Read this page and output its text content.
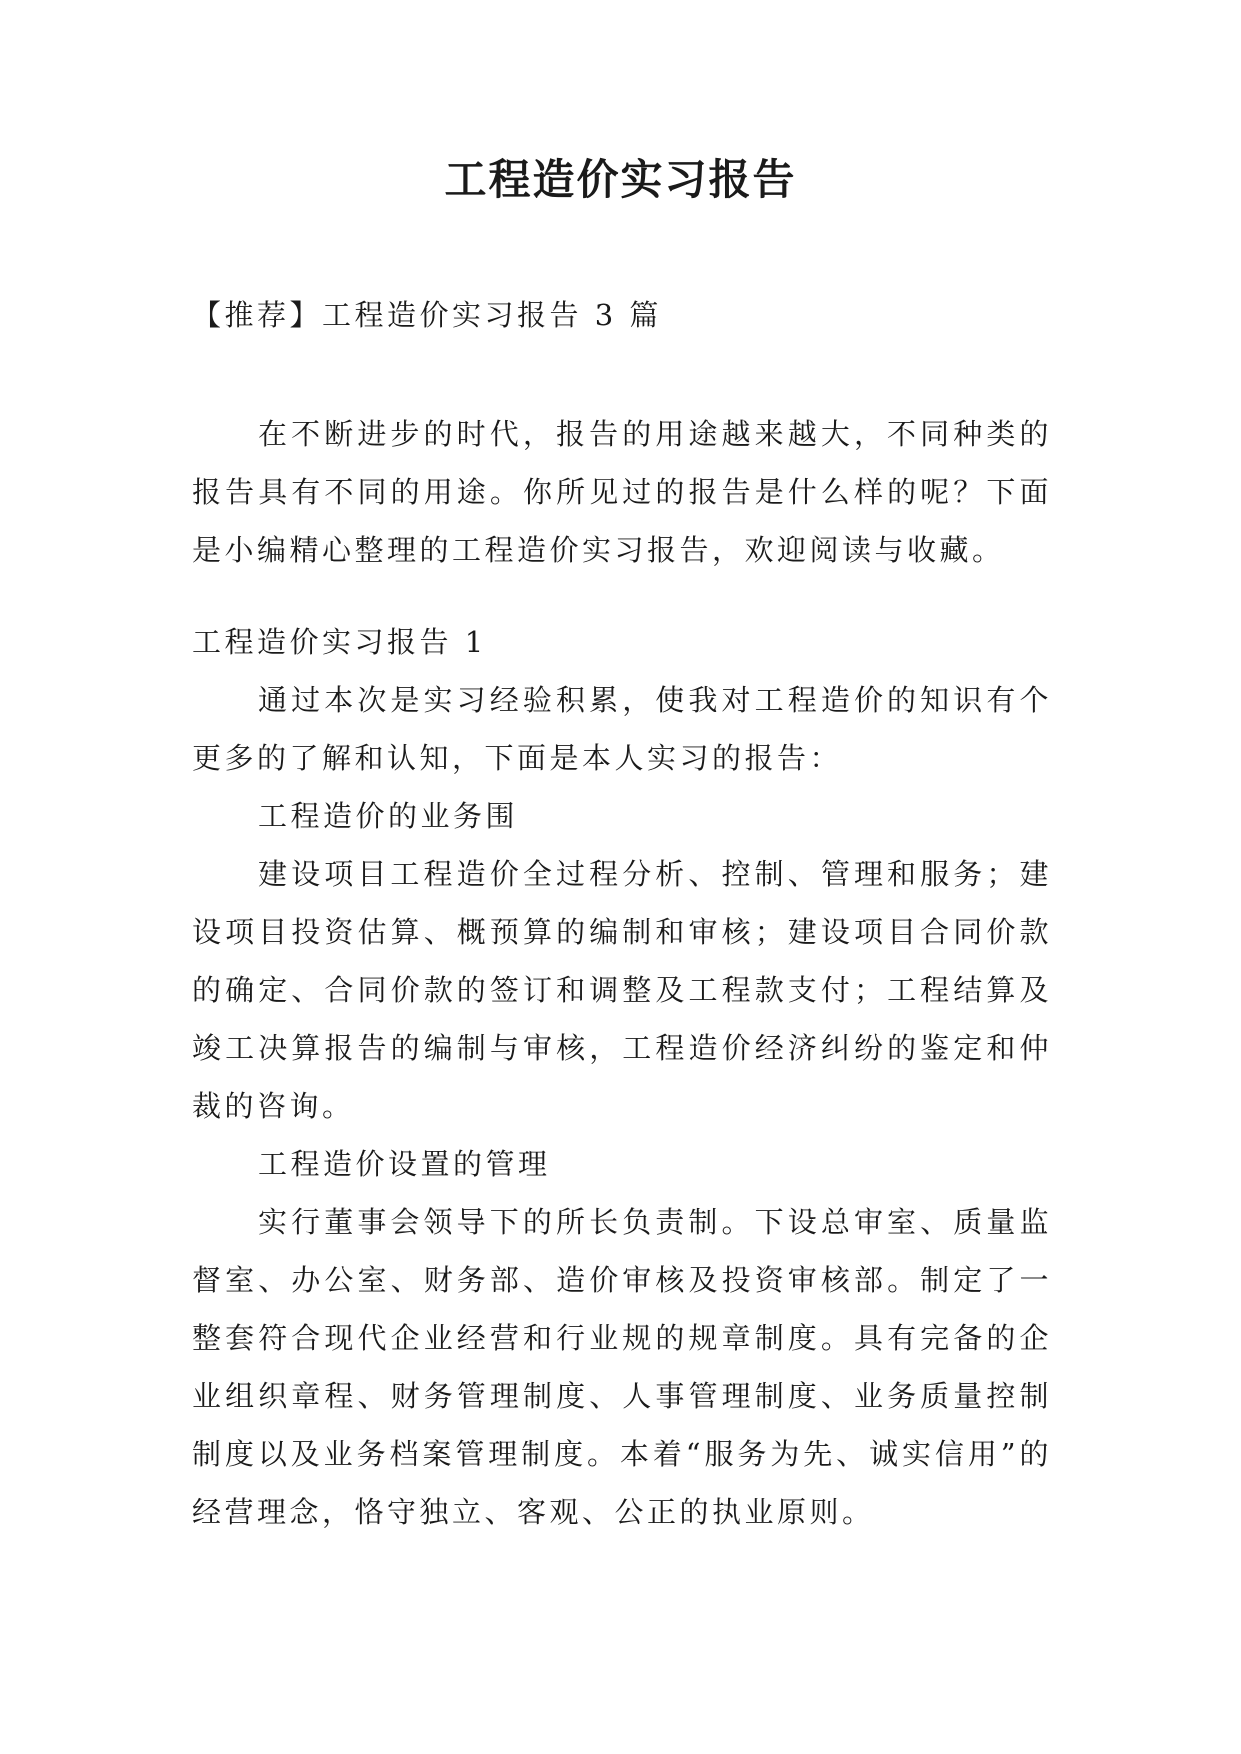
工程造价实习报告

【推荐】工程造价实习报告 3 篇

在不断进步的时代，报告的用途越来越大，不同种类的报告具有不同的用途。你所见过的报告是什么样的呢？下面是小编精心整理的工程造价实习报告，欢迎阅读与收藏。

工程造价实习报告 1

通过本次是实习经验积累，使我对工程造价的知识有个更多的了解和认知，下面是本人实习的报告：

工程造价的业务围

建设项目工程造价全过程分析、控制、管理和服务；建设项目投资估算、概预算的编制和审核；建设项目合同价款的确定、合同价款的签订和调整及工程款支付；工程结算及竣工决算报告的编制与审核，工程造价经济纠纷的鉴定和仲裁的咨询。

工程造价设置的管理

实行董事会领导下的所长负责制。下设总审室、质量监督室、办公室、财务部、造价审核及投资审核部。制定了一整套符合现代企业经营和行业规的规章制度。具有完备的企业组织章程、财务管理制度、人事管理制度、业务质量控制制度以及业务档案管理制度。本着“服务为先、诚实信用”的经营理念，恪守独立、客观、公正的执业原则。
